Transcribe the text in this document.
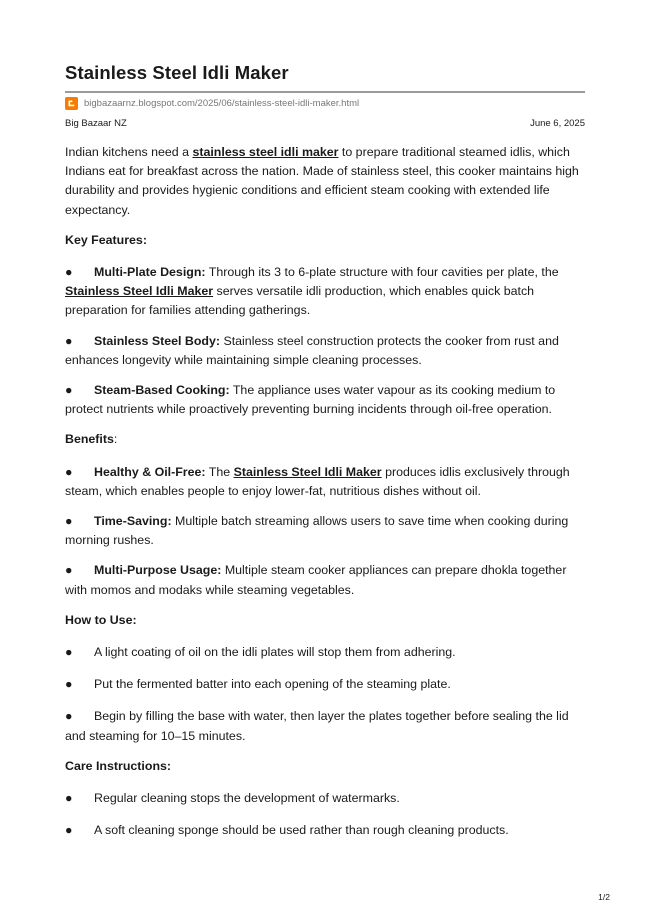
Stainless Steel Idli Maker
bigbazaarnz.blogspot.com/2025/06/stainless-steel-idli-maker.html
Big Bazaar NZ	June 6, 2025

Indian kitchens need a stainless steel idli maker to prepare traditional steamed idlis, which Indians eat for breakfast across the nation. Made of stainless steel, this cooker maintains high durability and provides hygienic conditions and efficient steam cooking with extended life expectancy.

Key Features:

● Multi-Plate Design: Through its 3 to 6-plate structure with four cavities per plate, the Stainless Steel Idli Maker serves versatile idli production, which enables quick batch preparation for families attending gatherings.

● Stainless Steel Body: Stainless steel construction protects the cooker from rust and enhances longevity while maintaining simple cleaning processes.

● Steam-Based Cooking: The appliance uses water vapour as its cooking medium to protect nutrients while proactively preventing burning incidents through oil-free operation.

Benefits:

● Healthy & Oil-Free: The Stainless Steel Idli Maker produces idlis exclusively through steam, which enables people to enjoy lower-fat, nutritious dishes without oil.

● Time-Saving: Multiple batch streaming allows users to save time when cooking during morning rushes.

● Multi-Purpose Usage: Multiple steam cooker appliances can prepare dhokla together with momos and modaks while steaming vegetables.

How to Use:

● A light coating of oil on the idli plates will stop them from adhering.

● Put the fermented batter into each opening of the steaming plate.

● Begin by filling the base with water, then layer the plates together before sealing the lid and steaming for 10–15 minutes.

Care Instructions:

● Regular cleaning stops the development of watermarks.

● A soft cleaning sponge should be used rather than rough cleaning products.

1/2
